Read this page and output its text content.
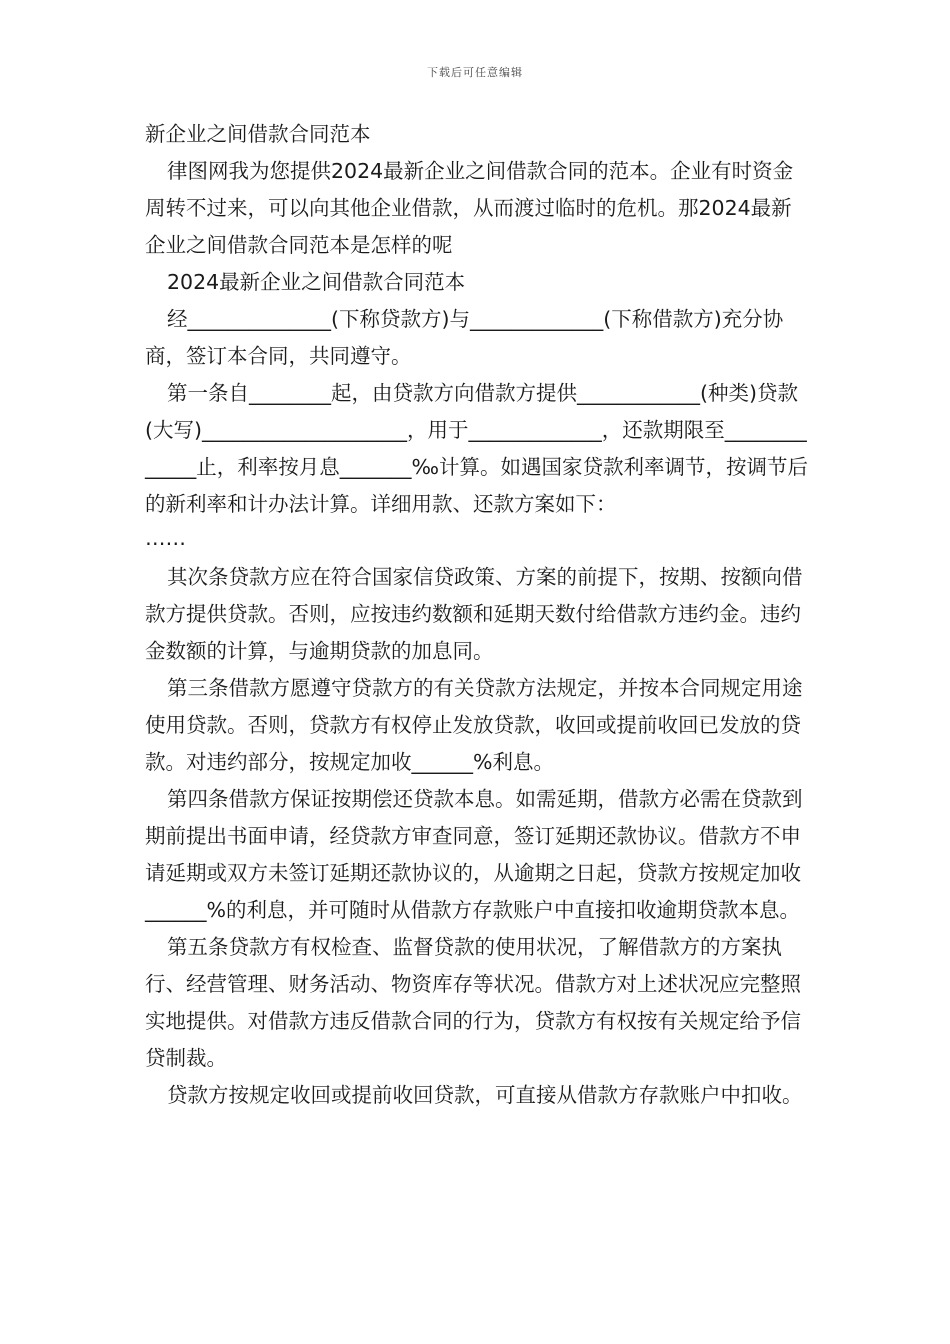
下载后可任意编辑

新企业之间借款合同范本

律图网我为您提供2024最新企业之间借款合同的范本。企业有时资金周转不过来，可以向其他企业借款，从而渡过临时的危机。那2024最新企业之间借款合同范本是怎样的呢

2024最新企业之间借款合同范本

经______________(下称贷款方)与_____________(下称借款方)充分协商，签订本合同，共同遵守。

第一条自________起，由贷款方向借款方提供____________(种类)贷款(大写)____________________，用于_____________，还款期限至_____________止，利率按月息_______‰计算。如遇国家贷款利率调节，按调节后的新利率和计办法计算。详细用款、还款方案如下：

……

其次条贷款方应在符合国家信贷政策、方案的前提下，按期、按额向借款方提供贷款。否则，应按违约数额和延期天数付给借款方违约金。违约金数额的计算，与逾期贷款的加息同。

第三条借款方愿遵守贷款方的有关贷款方法规定，并按本合同规定用途使用贷款。否则，贷款方有权停止发放贷款，收回或提前收回已发放的贷款。对违约部分，按规定加收______%利息。

第四条借款方保证按期偿还贷款本息。如需延期，借款方必需在贷款到期前提出书面申请，经贷款方审查同意，签订延期还款协议。借款方不申请延期或双方未签订延期还款协议的，从逾期之日起，贷款方按规定加收______%的利息，并可随时从借款方存款账户中直接扣收逾期贷款本息。

第五条贷款方有权检查、监督贷款的使用状况，了解借款方的方案执行、经营管理、财务活动、物资库存等状况。借款方对上述状况应完整照实地提供。对借款方违反借款合同的行为，贷款方有权按有关规定给予信贷制裁。

贷款方按规定收回或提前收回贷款，可直接从借款方存款账户中扣收。
